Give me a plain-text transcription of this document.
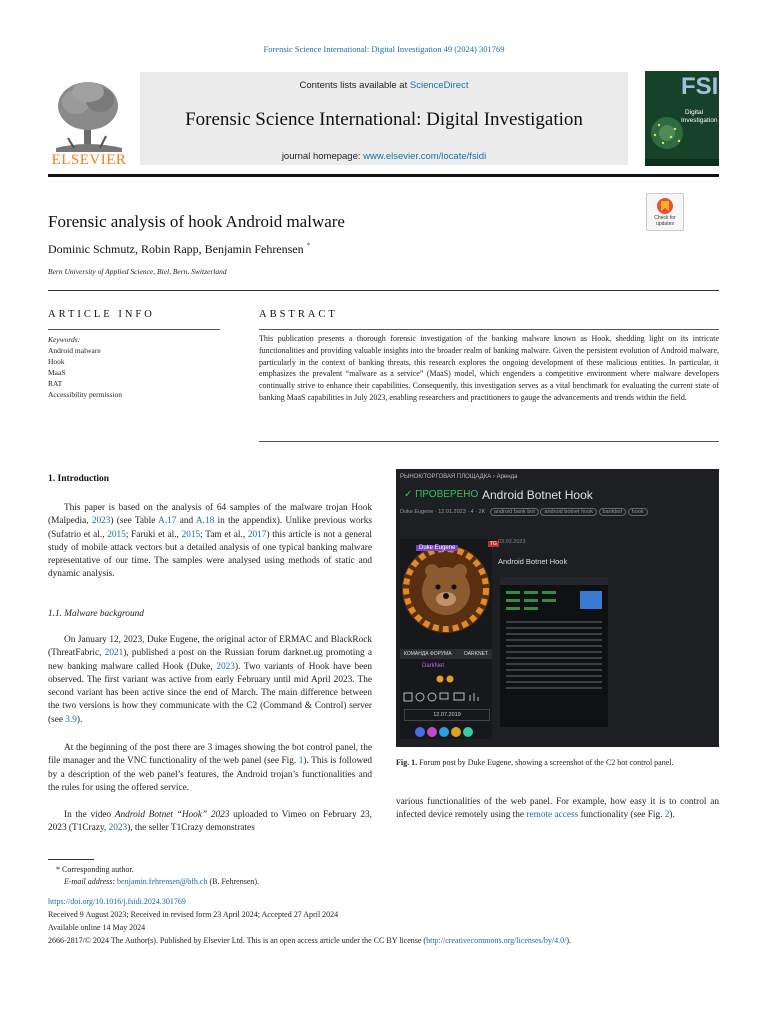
Forensic Science International: Digital Investigation 49 (2024) 301769
ELSEVIER
Contents lists available at ScienceDirect
Forensic Science International: Digital Investigation
journal homepage: www.elsevier.com/locate/fsidi
FSI
Digital
Investigation
Forensic analysis of hook Android malware	Check for
updates
Dominic Schmutz, Robin Rapp, Benjamin Fehrensen *
Bern University of Applied Science, Biel, Bern, Switzerland
ARTICLE INFO
Keywords:
Android malware
Hook
MaaS
RAT
Accessibility permission
ABSTRACT
This publication presents a thorough forensic investigation of the banking malware known as Hook, shedding light on its intricate functionalities and providing valuable insights into the broader realm of banking malware. Given the persistent evolution of Android malware, particularly in the context of banking threats, this research explores the ongoing development of these malicious entities. In particular, it emphasizes the prevalent “malware as a service” (MaaS) model, which engenders a competitive environment where malware developers continually strive to enhance their capabilities. Consequently, this investigation serves as a vital benchmark for evaluating the current state of banking MaaS capabilities in July 2023, enabling researchers and practitioners to gauge the advancements and trends within the field.
1. Introduction
This paper is based on the analysis of 64 samples of the malware trojan Hook (Malpedia, 2023) (see Table A.17 and A.18 in the appendix). Unlike previous works (Sufatrio et al., 2015; Faruki et al., 2015; Tam et al., 2017) this article is not a general study of mobile attack vectors but a detailed analysis of one typical banking malware representative of our time. The samples were analysed using methods of static and dynamic analysis.
1.1. Malware background
On January 12, 2023, Duke Eugene, the original actor of ERMAC and BlackRock (ThreatFabric, 2021), published a post on the Russian forum darknet.ug promoting a new banking malware called Hook (Duke, 2023). Two variants of Hook have been observed. The first variant was active from early February until mid April 2023. The second variant has been active since the end of March. The main difference between the two versions is how they communicate with the C2 (Command & Control) server (see 3.9).
At the beginning of the post there are 3 images showing the bot control panel, the file manager and the VNC functionality of the web panel (see Fig. 1). This is followed by a description of the web panel’s features, the Android trojan’s functionalities and the rules for using the offered service.
In the video Android Botnet “Hook” 2023 uploaded to Vimeo on February 23, 2023 (T1Crazy, 2023), the seller T1Crazy demonstrates
РЫНОК/ТОРГОВАЯ ПЛОЩАДКА › Аренда
✓ ПРОВЕРЕНО Android Botnet Hook
Duke Eugene · 12.01.2023 · 4 · 2K android bank bot android botnet hook bankbot hook
Duke Eugene
TG
КОМАНДА ФОРУМА	DARKNET
DarkNet
12.07.2019
03.02.2023
Android Botnet Hook
Fig. 1. Forum post by Duke Eugene, showing a screenshot of the C2 bot control panel.
various functionalities of the web panel. For example, how easy it is to control an infected device remotely using the remote access functionality (see Fig. 2).
* Corresponding author.
E-mail address: benjamin.fehrensen@bfh.ch (B. Fehrensen).
https://doi.org/10.1016/j.fsidi.2024.301769
Received 9 August 2023; Received in revised form 23 April 2024; Accepted 27 April 2024
Available online 14 May 2024
2666-2817/© 2024 The Author(s). Published by Elsevier Ltd. This is an open access article under the CC BY license (http://creativecommons.org/licenses/by/4.0/).
